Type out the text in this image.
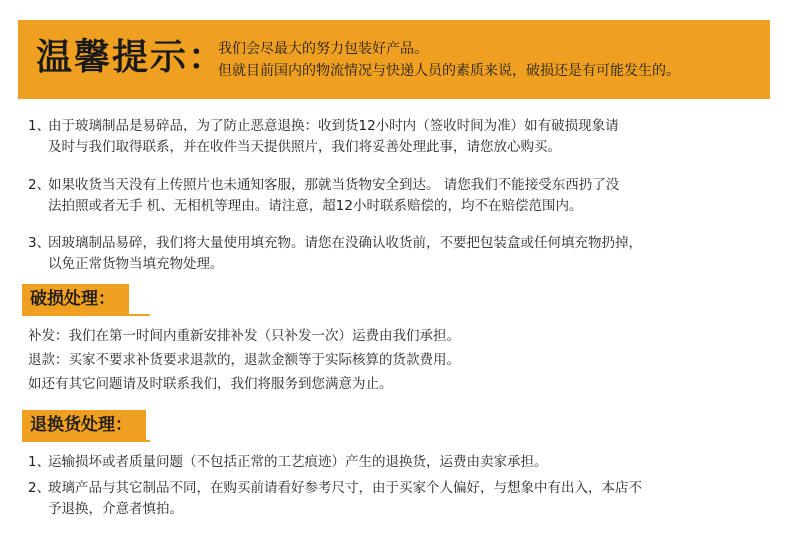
温馨提示：
我们会尽最大的努力包装好产品。
但就目前国内的物流情况与快递人员的素质来说，破损还是有可能发生的。
1、由于玻璃制品是易碎品，为了防止恶意退换：收到货12小时内（签收时间为准）如有破损现象请
及时与我们取得联系，并在收件当天提供照片，我们将妥善处理此事，请您放心购买。
2、如果收货当天没有上传照片也未通知客服，那就当货物安全到达。 请您我们不能接受东西扔了没
法拍照或者无手 机、无相机等理由。请注意，超12小时联系赔偿的，均不在赔偿范围内。
3、因玻璃制品易碎，我们将大量使用填充物。请您在没确认收货前，不要把包装盒或任何填充物扔掉，
以免正常货物当填充物处理。
破损处理：
补发：我们在第一时间内重新安排补发（只补发一次）运费由我们承担。
退款：买家不要求补货要求退款的，退款金额等于实际核算的货款费用。
如还有其它问题请及时联系我们，我们将服务到您满意为止。
退换货处理：
1、运输损坏或者质量问题（不包括正常的工艺痕迹）产生的退换货，运费由卖家承担。
2、玻璃产品与其它制品不同，在购买前请看好参考尺寸，由于买家个人偏好，与想象中有出入，本店不
予退换，介意者慎拍。
